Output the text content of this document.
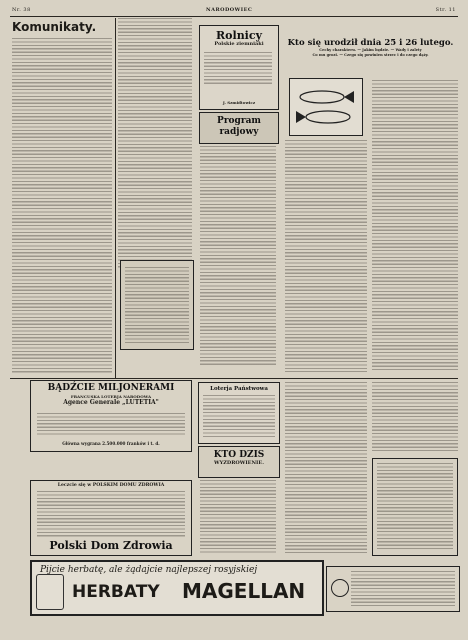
Nr. 38	NARODOWIEC	Str. 11
Komunikaty.
Rolnicy
Polskie ziemniaki
J. Szmidtowicz
Program radjowy
Kto się urodził dnia 25 i 26 lutego.
Cechy charakteru. — Jakim będzie. — Wady i zalety
Co mu grozi. — Czego się powinien strzec i do czego dąży.
BĄDŹCIE MILJONERAMI
FRANCUSKA LOTERJA NARODOWA
Agence Generale „LUTETIA"
Główna wygrana 2.500.000 franków i t. d.
Loterja Państwowa
KTO DZIS
WYZDROWIENIE.
Leczcie się w POLSKIM DOMU ZDROWIA
Polski Dom Zdrowia
Pijcie herbatę, ale żądajcie najlepszej rosyjskiej
HERBATY MAGELLAN
